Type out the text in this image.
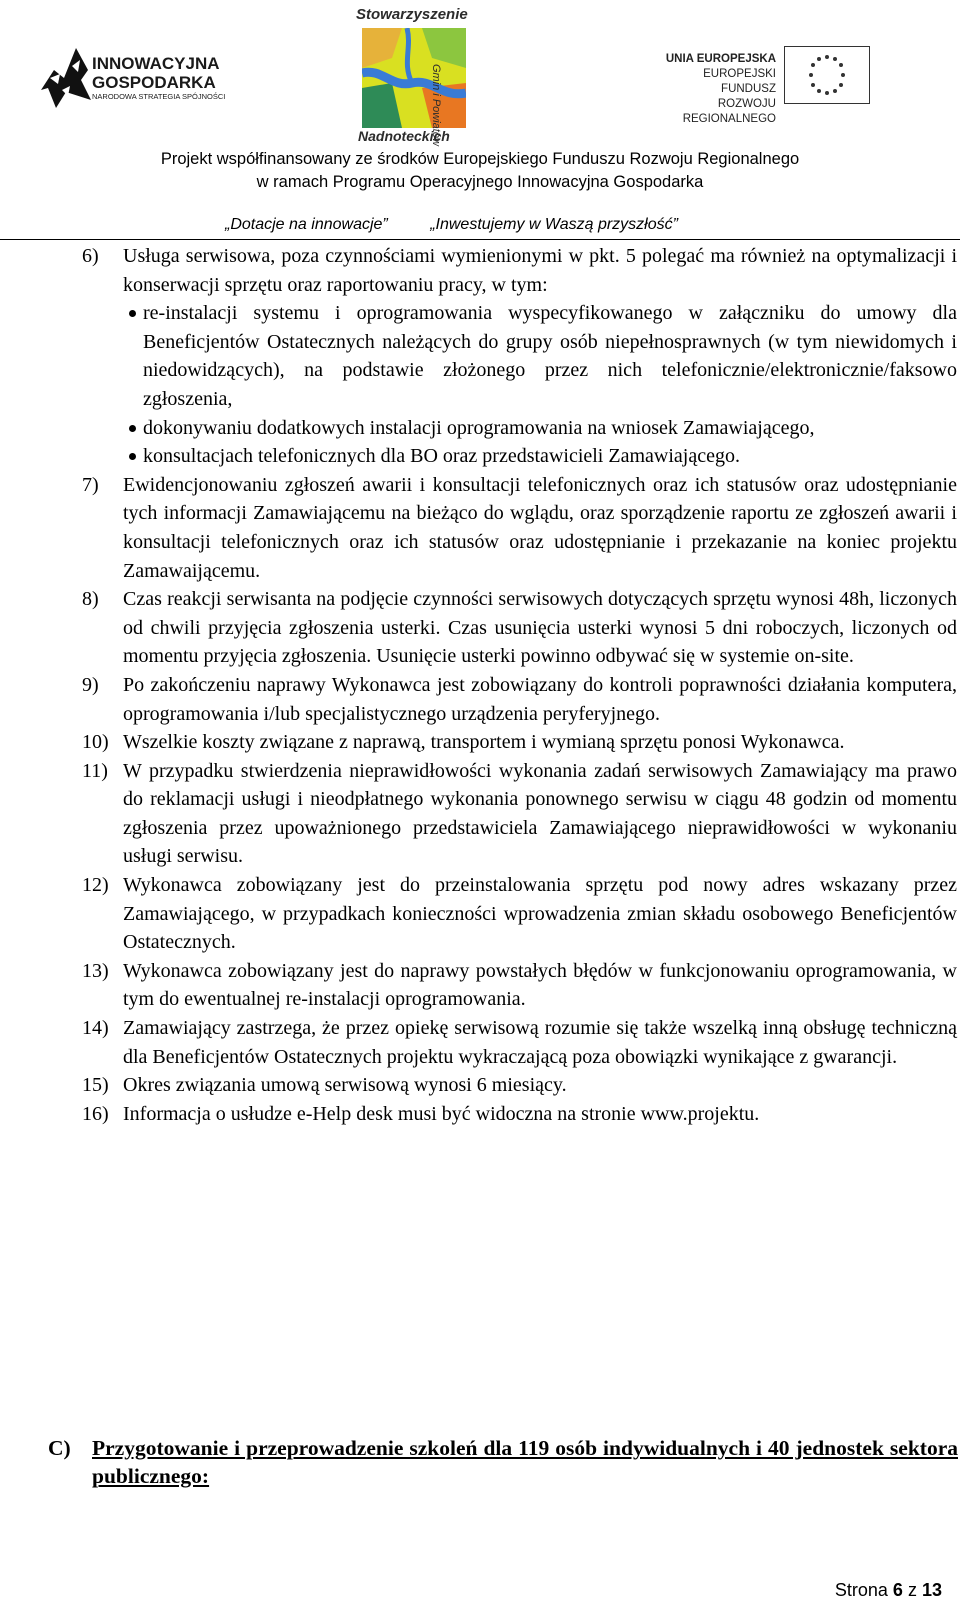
INNOWACYJNA
GOSPODARKA
NARODOWA STRATEGIA SPÓJNOŚCI
Stowarzyszenie
Gmin i Powiatów
Nadnoteckich
UNIA EUROPEJSKA
EUROPEJSKI FUNDUSZ
ROZWOJU REGIONALNEGO
Projekt współfinansowany ze środków Europejskiego Funduszu Rozwoju Regionalnego
w ramach Programu Operacyjnego Innowacyjna Gospodarka
„Dotacje na innowacje”	„Inwestujemy w Waszą przyszłość”
6)	Usługa serwisowa, poza czynnościami wymienionymi w pkt. 5 polegać ma również na optymalizacji i konserwacji sprzętu oraz raportowaniu pracy, w tym:
re-instalacji systemu i oprogramowania wyspecyfikowanego w załączniku do umowy dla Beneficjentów Ostatecznych należących do grupy osób niepełnosprawnych (w tym niewidomych i niedowidzących), na podstawie złożonego przez nich telefonicznie/elektronicznie/faksowo zgłoszenia,
dokonywaniu dodatkowych instalacji oprogramowania na wniosek Zamawiającego,
konsultacjach telefonicznych dla BO oraz przedstawicieli Zamawiającego.
7)	Ewidencjonowaniu zgłoszeń awarii i konsultacji telefonicznych oraz ich statusów oraz udostępnianie tych informacji Zamawiającemu na bieżąco do wglądu, oraz sporządzenie raportu ze zgłoszeń awarii i konsultacji telefonicznych oraz ich statusów oraz udostępnianie i przekazanie na koniec projektu Zamawaijącemu.
8)	Czas reakcji serwisanta na podjęcie czynności serwisowych dotyczących sprzętu wynosi 48h, liczonych od chwili przyjęcia zgłoszenia usterki. Czas usunięcia usterki wynosi 5 dni roboczych, liczonych od momentu przyjęcia zgłoszenia. Usunięcie usterki powinno odbywać się w systemie on-site.
9)	Po zakończeniu naprawy Wykonawca jest zobowiązany do kontroli poprawności działania komputera, oprogramowania i/lub specjalistycznego urządzenia peryferyjnego.
10) Wszelkie koszty związane z naprawą, transportem i wymianą sprzętu ponosi Wykonawca.
11) W przypadku stwierdzenia nieprawidłowości wykonania zadań serwisowych Zamawiający ma prawo do reklamacji usługi i nieodpłatnego wykonania ponownego serwisu w ciągu 48 godzin od momentu zgłoszenia przez upoważnionego przedstawiciela Zamawiającego nieprawidłowości w wykonaniu usługi serwisu.
12) Wykonawca zobowiązany jest do przeinstalowania sprzętu pod nowy adres wskazany przez Zamawiającego, w przypadkach konieczności wprowadzenia zmian składu osobowego Beneficjentów Ostatecznych.
13) Wykonawca zobowiązany jest do naprawy powstałych błędów w funkcjonowaniu oprogramowania, w tym do ewentualnej re-instalacji oprogramowania.
14) Zamawiający zastrzega, że przez opiekę serwisową rozumie się także wszelką inną obsługę techniczną dla Beneficjentów Ostatecznych projektu wykraczającą poza obowiązki wynikające z gwarancji.
15) Okres związania umową serwisową wynosi 6 miesiący.
16) Informacja o usłudze e-Help desk musi być widoczna na stronie www.projektu.
C) Przygotowanie i przeprowadzenie szkoleń dla 119 osób indywidualnych i 40 jednostek sektora publicznego:
Strona 6 z 13
